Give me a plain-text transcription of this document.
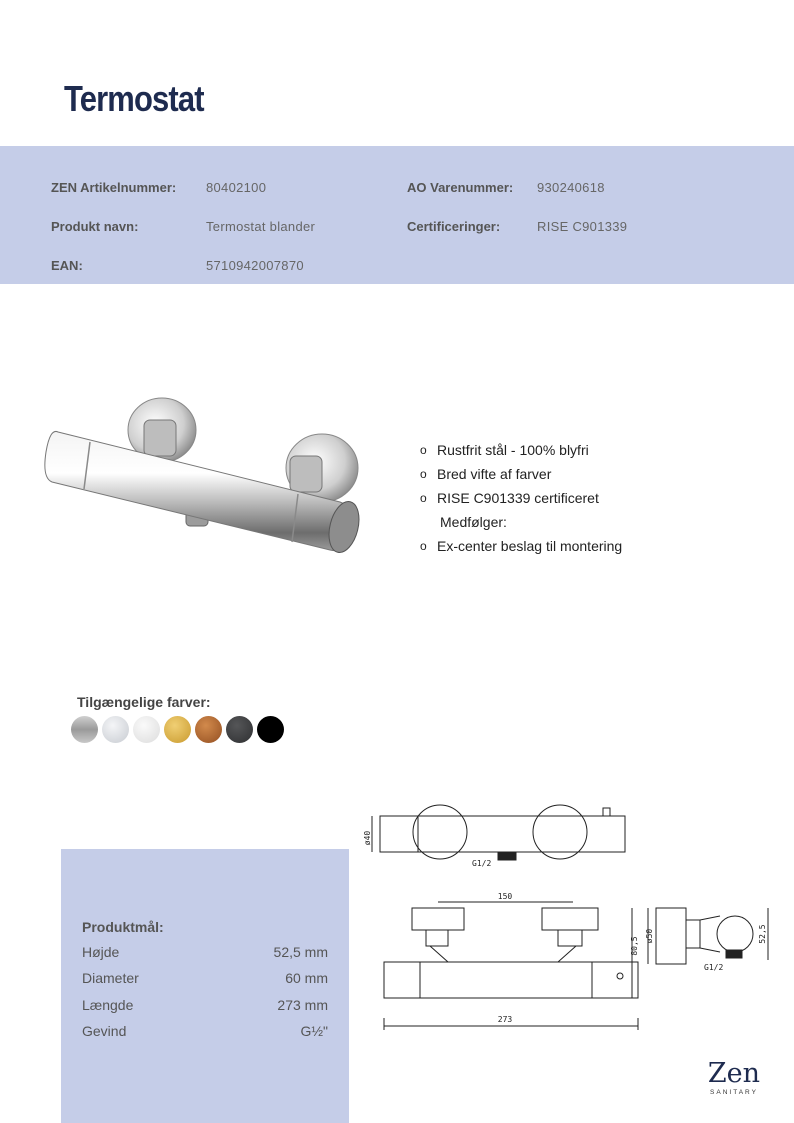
Termostat
ZEN Artikelnummer: 80402100	AO Varenummer: 930240618
Produkt navn:	Termostat blander	Certificeringer:	RISE C901339
EAN:	5710942007870
o Rustfrit stål - 100% blyfri
o Bred vifte af farver
o RISE C901339 certificeret
Medfølger:
o Ex-center beslag til montering
Tilgængelige farver:
ø40
G1/2
150
80,5
273
ø50	52,5
G1/2
Produktmål:
Højde	52,5 mm
Diameter	60 mm
Længde	273 mm
Gevind	G½"
Zen
SANITARY
